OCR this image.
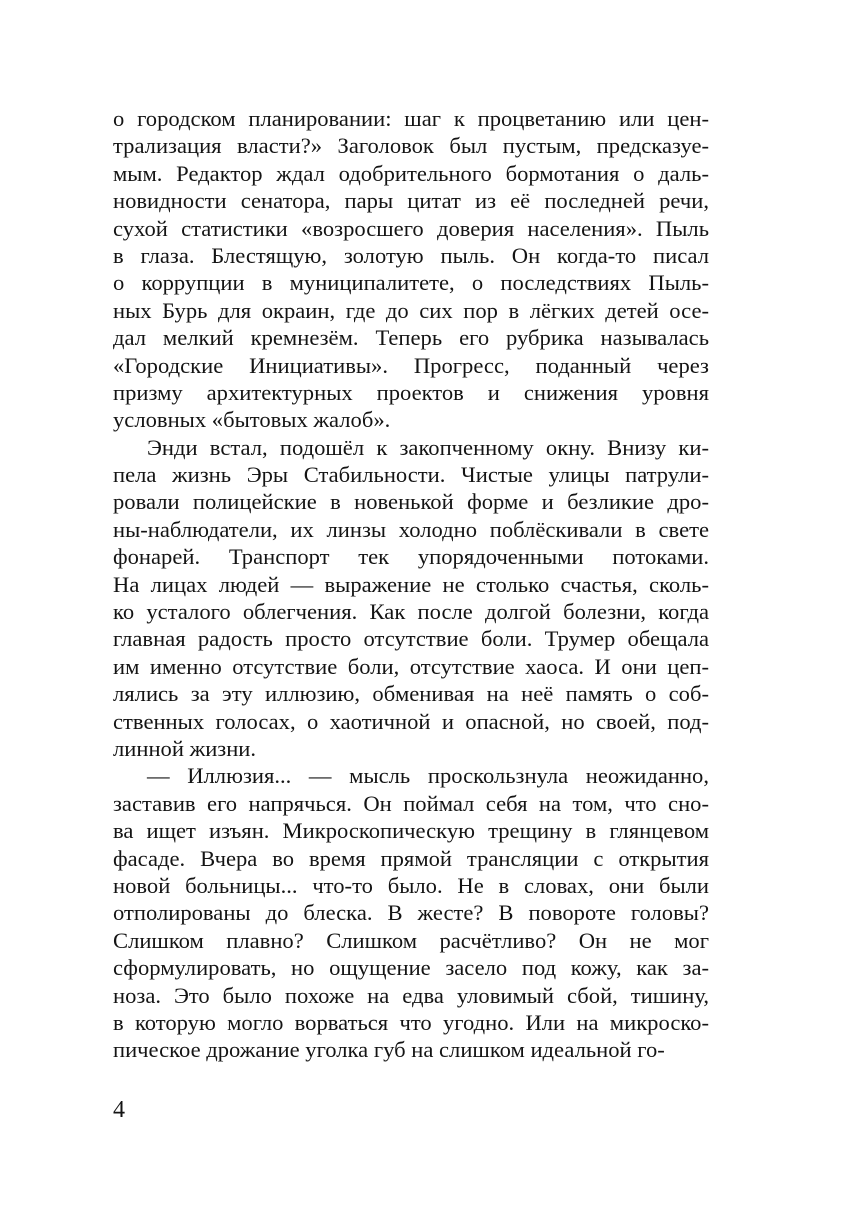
о городском планировании: шаг к процветанию или цен-
трализация власти?» Заголовок был пустым, предсказуе-
мым. Редактор ждал одобрительного бормотания о даль-
новидности сенатора, пары цитат из её последней речи,
сухой статистики «возросшего доверия населения». Пыль
в глаза. Блестящую, золотую пыль. Он когда-то писал
о коррупции в муниципалитете, о последствиях Пыль-
ных Бурь для окраин, где до сих пор в лёгких детей осе-
дал мелкий кремнезём. Теперь его рубрика называлась
«Городские Инициативы». Прогресс, поданный через
призму архитектурных проектов и снижения уровня
условных «бытовых жалоб».
Энди встал, подошёл к закопченному окну. Внизу ки-
пела жизнь Эры Стабильности. Чистые улицы патрули-
ровали полицейские в новенькой форме и безликие дро-
ны-наблюдатели, их линзы холодно поблёскивали в свете
фонарей. Транспорт тек упорядоченными потоками.
На лицах людей — выражение не столько счастья, сколь-
ко усталого облегчения. Как после долгой болезни, когда
главная радость просто отсутствие боли. Трумер обещала
им именно отсутствие боли, отсутствие хаоса. И они цеп-
лялись за эту иллюзию, обменивая на неё память о соб-
ственных голосах, о хаотичной и опасной, но своей, под-
линной жизни.
— Иллюзия... — мысль проскользнула неожиданно,
заставив его напрячься. Он поймал себя на том, что сно-
ва ищет изъян. Микроскопическую трещину в глянцевом
фасаде. Вчера во время прямой трансляции с открытия
новой больницы... что-то было. Не в словах, они были
отполированы до блеска. В жесте? В повороте головы?
Слишком плавно? Слишком расчётливо? Он не мог
сформулировать, но ощущение засело под кожу, как за-
ноза. Это было похоже на едва уловимый сбой, тишину,
в которую могло ворваться что угодно. Или на микроско-
пическое дрожание уголка губ на слишком идеальной го-
4
